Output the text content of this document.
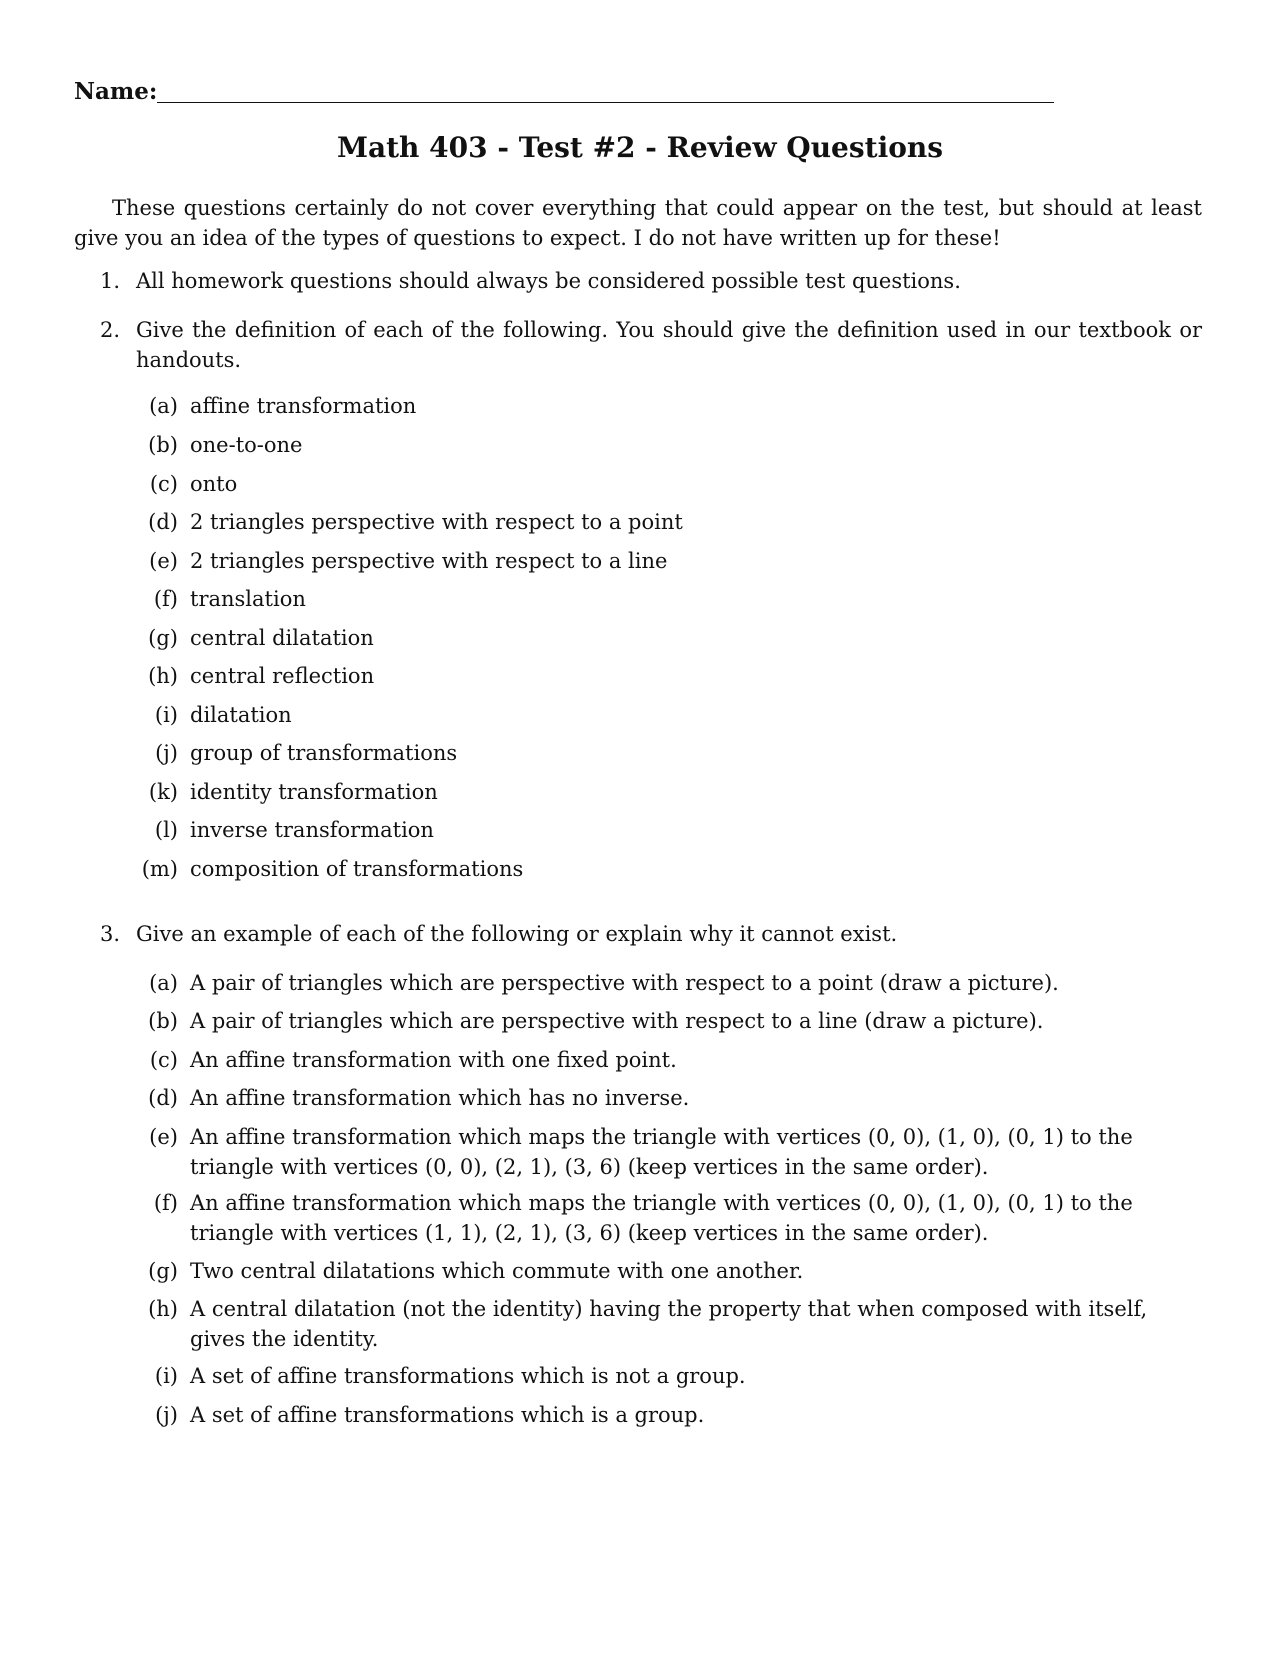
Name:
Math 403 - Test #2 - Review Questions
These questions certainly do not cover everything that could appear on the test, but should at least give you an idea of the types of questions to expect. I do not have written up for these!
1. All homework questions should always be considered possible test questions.
2. Give the definition of each of the following. You should give the definition used in our textbook or handouts.
(a) affine transformation
(b) one-to-one
(c) onto
(d) 2 triangles perspective with respect to a point
(e) 2 triangles perspective with respect to a line
(f) translation
(g) central dilatation
(h) central reflection
(i) dilatation
(j) group of transformations
(k) identity transformation
(l) inverse transformation
(m) composition of transformations
3. Give an example of each of the following or explain why it cannot exist.
(a) A pair of triangles which are perspective with respect to a point (draw a picture).
(b) A pair of triangles which are perspective with respect to a line (draw a picture).
(c) An affine transformation with one fixed point.
(d) An affine transformation which has no inverse.
(e) An affine transformation which maps the triangle with vertices (0, 0), (1, 0), (0, 1) to the triangle with vertices (0, 0), (2, 1), (3, 6) (keep vertices in the same order).
(f) An affine transformation which maps the triangle with vertices (0, 0), (1, 0), (0, 1) to the triangle with vertices (1, 1), (2, 1), (3, 6) (keep vertices in the same order).
(g) Two central dilatations which commute with one another.
(h) A central dilatation (not the identity) having the property that when composed with itself, gives the identity.
(i) A set of affine transformations which is not a group.
(j) A set of affine transformations which is a group.
